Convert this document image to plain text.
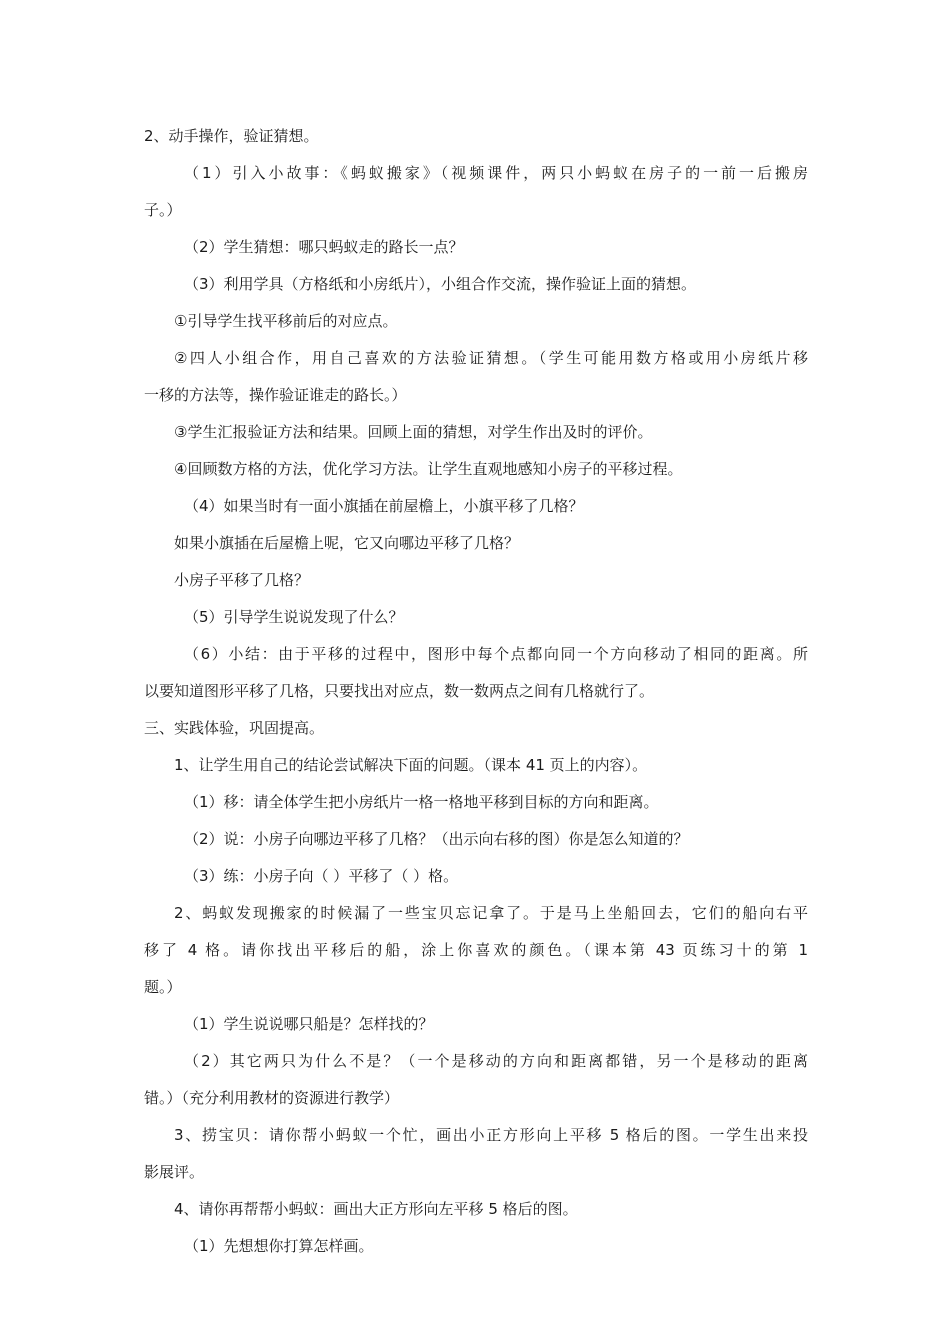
2、动手操作，验证猜想。
（1）引入小故事：《蚂蚁搬家》（视频课件，两只小蚂蚁在房子的一前一后搬房
子。）
（2）学生猜想：哪只蚂蚁走的路长一点？
（3）利用学具（方格纸和小房纸片），小组合作交流，操作验证上面的猜想。
①引导学生找平移前后的对应点。
②四人小组合作，用自己喜欢的方法验证猜想。（学生可能用数方格或用小房纸片移
一移的方法等，操作验证谁走的路长。）
③学生汇报验证方法和结果。回顾上面的猜想，对学生作出及时的评价。
④回顾数方格的方法，优化学习方法。让学生直观地感知小房子的平移过程。
（4）如果当时有一面小旗插在前屋檐上，小旗平移了几格？
如果小旗插在后屋檐上呢，它又向哪边平移了几格？
小房子平移了几格？
（5）引导学生说说发现了什么？
（6）小结：由于平移的过程中，图形中每个点都向同一个方向移动了相同的距离。所
以要知道图形平移了几格，只要找出对应点，数一数两点之间有几格就行了。
三、实践体验，巩固提高。
1、让学生用自己的结论尝试解决下面的问题。（课本 41 页上的内容）。
（1）移：请全体学生把小房纸片一格一格地平移到目标的方向和距离。
（2）说：小房子向哪边平移了几格？（出示向右移的图）你是怎么知道的？
（3）练：小房子向（ ）平移了（ ）格。
2、蚂蚁发现搬家的时候漏了一些宝贝忘记拿了。于是马上坐船回去，它们的船向右平
移了 4 格。请你找出平移后的船，涂上你喜欢的颜色。（课本第 43 页练习十的第 1
题。）
（1）学生说说哪只船是？怎样找的？
（2）其它两只为什么不是？（一个是移动的方向和距离都错，另一个是移动的距离
错。）（充分利用教材的资源进行教学）
3、捞宝贝：请你帮小蚂蚁一个忙，画出小正方形向上平移 5 格后的图。一学生出来投
影展评。
4、请你再帮帮小蚂蚁：画出大正方形向左平移 5 格后的图。
（1）先想想你打算怎样画。
